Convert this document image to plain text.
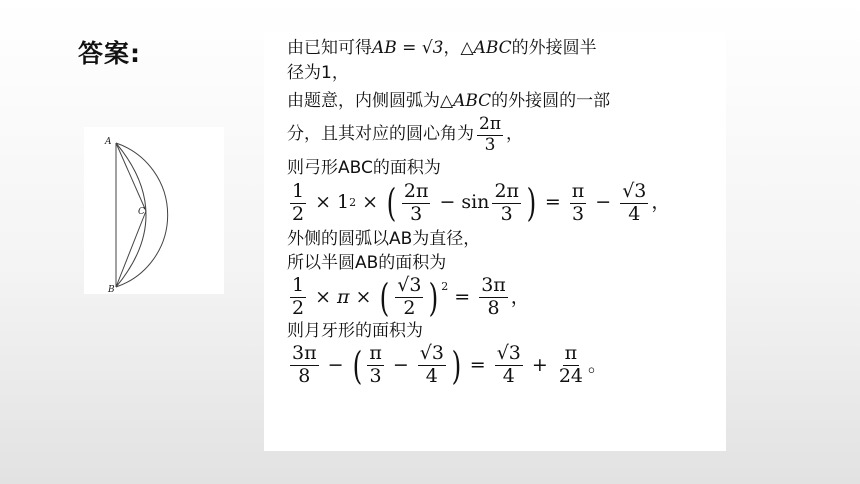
答案:
A
C
B

由已知可得AB = √3，△ABC的外接圆半

径为1，

由题意，内侧圆弧为△ABC的外接圆的一部

分，且其对应的圆心角为 $\frac{2\pi}{3}$ ，

则弓形ABC的面积为

$\frac{1}{2} \times 1$ 2 × ( $\frac{2\pi}{3} - \sin \frac{2\pi}{3}$ ) = $\frac{\pi}{3} - \frac{√3}{4}$ ，

外侧的圆弧以AB为直径，

所以半圆AB的面积为

$\frac{1}{2} \times \pi$ × ( $\frac{√3}{2} )^2 = \frac{3\pi}{8}$ ，

则月牙形的面积为

$\frac{3\pi}{8}$ − ( $\frac{\pi}{3} - \frac{√3}{4}$ ) = $\frac{√3}{4} + \frac{\pi}{24}$ 。
